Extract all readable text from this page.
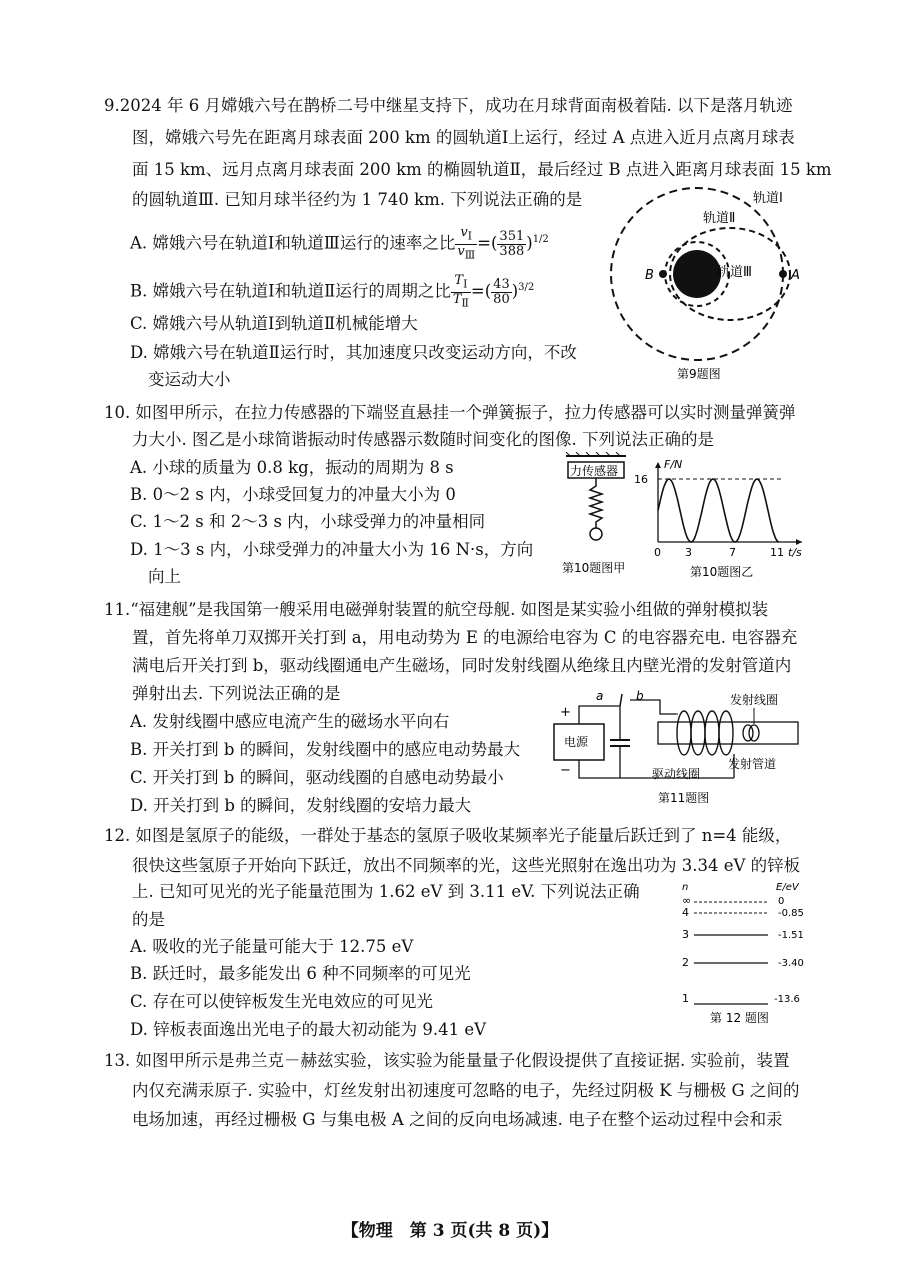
9.2024 年 6 月嫦娥六号在鹊桥二号中继星支持下，成功在月球背面南极着陆. 以下是落月轨迹
图，嫦娥六号先在距离月球表面 200 km 的圆轨道Ⅰ上运行，经过 A 点进入近月点离月球表
面 15 km、远月点离月球表面 200 km 的椭圆轨道Ⅱ，最后经过 B 点进入距离月球表面 15 km
的圆轨道Ⅲ. 已知月球半径约为 1 740 km. 下列说法正确的是
A. 嫦娥六号在轨道Ⅰ和轨道Ⅲ运行的速率之比 $\frac{v_Ⅰ}{v_Ⅲ}$ =( $\frac{351}{388} )^{1/2}$
B. 嫦娥六号在轨道Ⅰ和轨道Ⅱ运行的周期之比 $\frac{T_Ⅰ}{T_Ⅱ}$ =( $\frac{43}{80} )^{3/2}$
C. 嫦娥六号从轨道Ⅰ到轨道Ⅱ机械能增大
D. 嫦娥六号在轨道Ⅱ运行时，其加速度只改变运动方向，不改
变运动大小
B	A
轨道Ⅰ
轨道Ⅱ
轨道Ⅲ
第9题图
10. 如图甲所示，在拉力传感器的下端竖直悬挂一个弹簧振子，拉力传感器可以实时测量弹簧弹
力大小. 图乙是小球简谐振动时传感器示数随时间变化的图像. 下列说法正确的是
A. 小球的质量为 0.8 kg，振动的周期为 8 s
B. 0～2 s 内，小球受回复力的冲量大小为 0
C. 1～2 s 和 2～3 s 内，小球受弹力的冲量相同
D. 1～3 s 内，小球受弹力的冲量大小为 16 N·s，方向
向上
力传感器
第10题图甲
F/N
t/s
16
0 3	7	11
第10题图乙
11.“福建舰”是我国第一艘采用电磁弹射装置的航空母舰. 如图是某实验小组做的弹射模拟装
置，首先将单刀双掷开关打到 a，用电动势为 E 的电源给电容为 C 的电容器充电. 电容器充
满电后开关打到 b，驱动线圈通电产生磁场，同时发射线圈从绝缘且内壁光滑的发射管道内
弹射出去. 下列说法正确的是
A. 发射线圈中感应电流产生的磁场水平向右
B. 开关打到 b 的瞬间，发射线圈中的感应电动势最大
C. 开关打到 b 的瞬间，驱动线圈的自感电动势最小
D. 开关打到 b 的瞬间，发射线圈的安培力最大
电源
+
−
a	b	发射线圈
发射管道
驱动线圈
第11题图
12. 如图是氢原子的能级，一群处于基态的氢原子吸收某频率光子能量后跃迁到了 n=4 能级，
很快这些氢原子开始向下跃迁，放出不同频率的光，这些光照射在逸出功为 3.34 eV 的锌板
上. 已知可见光的光子能量范围为 1.62 eV 到 3.11 eV. 下列说法正确
的是
A. 吸收的光子能量可能大于 12.75 eV
B. 跃迁时，最多能发出 6 种不同频率的可见光
C. 存在可以使锌板发生光电效应的可见光
D. 锌板表面逸出光电子的最大初动能为 9.41 eV
n	E/eV
∞	0
4	-0.85
3	-1.51
2	-3.40
1	-13.6
第 12 题图
13. 如图甲所示是弗兰克－赫兹实验，该实验为能量量子化假设提供了直接证据. 实验前，装置
内仅充满汞原子. 实验中，灯丝发射出初速度可忽略的电子，先经过阴极 K 与栅极 G 之间的
电场加速，再经过栅极 G 与集电极 A 之间的反向电场减速. 电子在整个运动过程中会和汞
【物理　第 3 页(共 8 页)】
